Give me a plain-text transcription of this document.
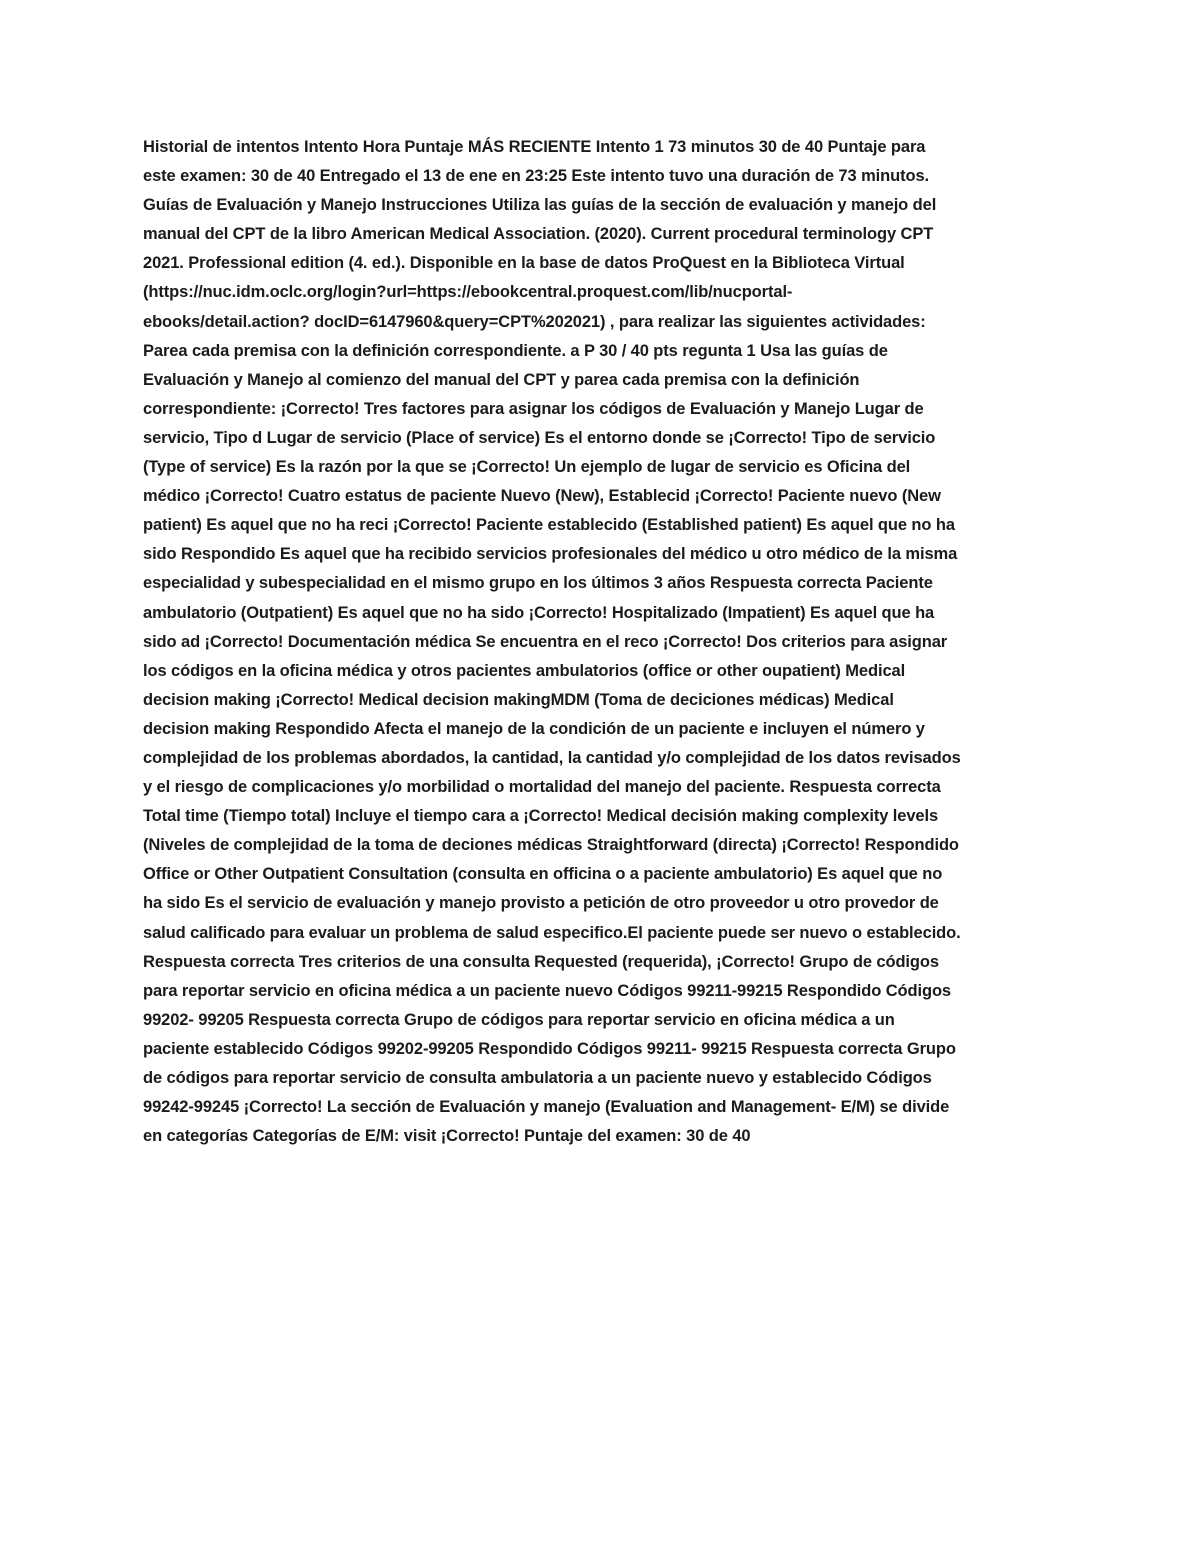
Historial de intentos Intento Hora Puntaje MÁS RECIENTE Intento 1 73 minutos 30 de 40 Puntaje para

este examen: 30 de 40 Entregado el 13 de ene en 23:25 Este intento tuvo una duración de 73 minutos.

Guías de Evaluación y Manejo Instrucciones Utiliza las guías de la sección de evaluación y manejo del

manual del CPT de la libro American Medical Association. (2020). Current procedural terminology CPT

2021. Professional edition (4. ed.). Disponible en la base de datos ProQuest en la Biblioteca Virtual

(https://nuc.idm.oclc.org/login?url=https://ebookcentral.proquest.com/lib/nucportal-

ebooks/detail.action? docID=6147960&query=CPT%202021) , para realizar las siguientes actividades:

Parea cada premisa con la definición correspondiente. a P 30 / 40 pts regunta 1 Usa las guías de

Evaluación y Manejo al comienzo del manual del CPT y parea cada premisa con la definición

correspondiente: ¡Correcto! Tres factores para asignar los códigos de Evaluación y Manejo Lugar de

servicio, Tipo d Lugar de servicio (Place of service) Es el entorno donde se ¡Correcto! Tipo de servicio

(Type of service) Es la razón por la que se ¡Correcto! Un ejemplo de lugar de servicio es Oficina del

médico ¡Correcto! Cuatro estatus de paciente Nuevo (New), Establecid ¡Correcto! Paciente nuevo (New

patient) Es aquel que no ha reci ¡Correcto! Paciente establecido (Established patient) Es aquel que no ha

sido Respondido Es aquel que ha recibido servicios profesionales del médico u otro médico de la misma

especialidad y subespecialidad en el mismo grupo en los últimos 3 años Respuesta correcta Paciente

ambulatorio (Outpatient) Es aquel que no ha sido ¡Correcto! Hospitalizado (Impatient) Es aquel que ha

sido ad ¡Correcto! Documentación médica Se encuentra en el reco ¡Correcto! Dos criterios para asignar

los códigos en la oficina médica y otros pacientes ambulatorios (office or other oupatient) Medical

decision making ¡Correcto! Medical decision makingMDM (Toma de deciciones médicas) Medical

decision making Respondido Afecta el manejo de la condición de un paciente e incluyen el número y

complejidad de los problemas abordados, la cantidad, la cantidad y/o complejidad de los datos revisados

y el riesgo de complicaciones y/o morbilidad o mortalidad del manejo del paciente. Respuesta correcta

Total time (Tiempo total) Incluye el tiempo cara a ¡Correcto! Medical decisión making complexity levels

(Niveles de complejidad de la toma de deciones médicas Straightforward (directa) ¡Correcto! Respondido

Office or Other Outpatient Consultation (consulta en officina o a paciente ambulatorio) Es aquel que no

ha sido Es el servicio de evaluación y manejo provisto a petición de otro proveedor u otro provedor de

salud calificado para evaluar un problema de salud especifico.El paciente puede ser nuevo o establecido.

Respuesta correcta Tres criterios de una consulta Requested (requerida), ¡Correcto! Grupo de códigos

para reportar servicio en oficina médica a un paciente nuevo Códigos 99211-99215 Respondido Códigos

99202- 99205 Respuesta correcta Grupo de códigos para reportar servicio en oficina médica a un

paciente establecido Códigos 99202-99205 Respondido Códigos 99211- 99215 Respuesta correcta Grupo

de códigos para reportar servicio de consulta ambulatoria a un paciente nuevo y establecido Códigos

99242-99245 ¡Correcto! La sección de Evaluación y manejo (Evaluation and Management- E/M) se divide

en categorías Categorías de E/M: visit ¡Correcto! Puntaje del examen: 30 de 40
